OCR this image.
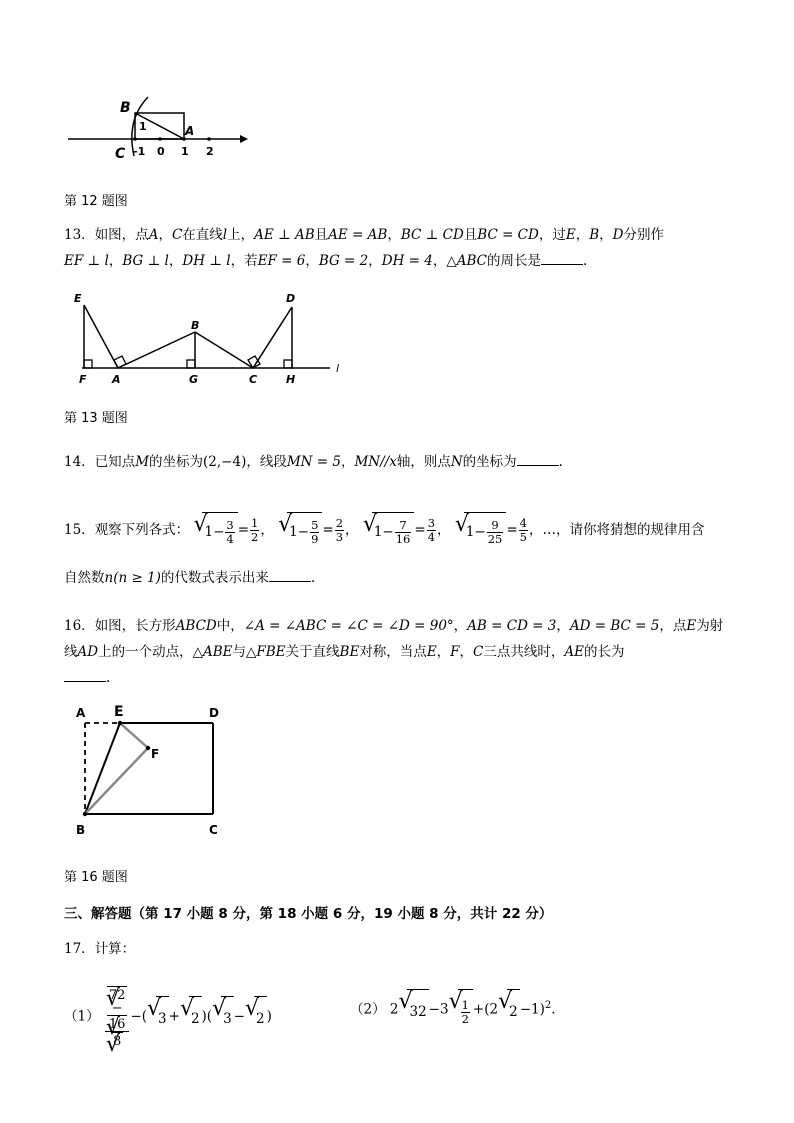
B
C
A
1
-1 0 1 2
第 12 题图
13．如图，点A，C在直线l上，AE ⊥ AB且AE = AB，BC ⊥ CD且BC = CD，过E，B，D分别作
EF ⊥ l，BG ⊥ l，DH ⊥ l，若EF = 6，BG = 2，DH = 4，△ABC的周长是	.
E	D
B
F A	G	C	H
l
第 13 题图
14．已知点M的坐标为(2,−4)，线段MN = 5，MN//x轴，则点N的坐标为	.
15．观察下列各式： √ $1- \frac{3}{4} = \frac{1}{2}$ ， √ $1- \frac{5}{9} = \frac{2}{3}$ ， √ $1- \frac{7}{16} = \frac{3}{4}$ ， √ $1- \frac{9}{25} = \frac{4}{5}$ ，…，请你将猜想的规律用含
自然数n(n ≥ 1)的代数式表示出来	.
16．如图，长方形ABCD中，∠A = ∠ABC = ∠C = ∠D = 90°，AB = CD = 3，AD = BC = 5，点E为射
线AD上的一个动点，△ABE与△FBE关于直线BE对称，当点E，F，C三点共线时，AE的长为
.
A E	D
F
B	C
第 16 题图
三、解答题（第 17 小题 8 分，第 18 小题 6 分，19 小题 8 分，共计 22 分）
17．计算：
（1）
√ 72
−
√ 16
√ 8 −(√ 3 +√ 2 )(√ 3 −√ 2 )	（2） 2√ 32 −3
√ $\frac{1}{2} +(2√$ 2 −1)$^2$.
